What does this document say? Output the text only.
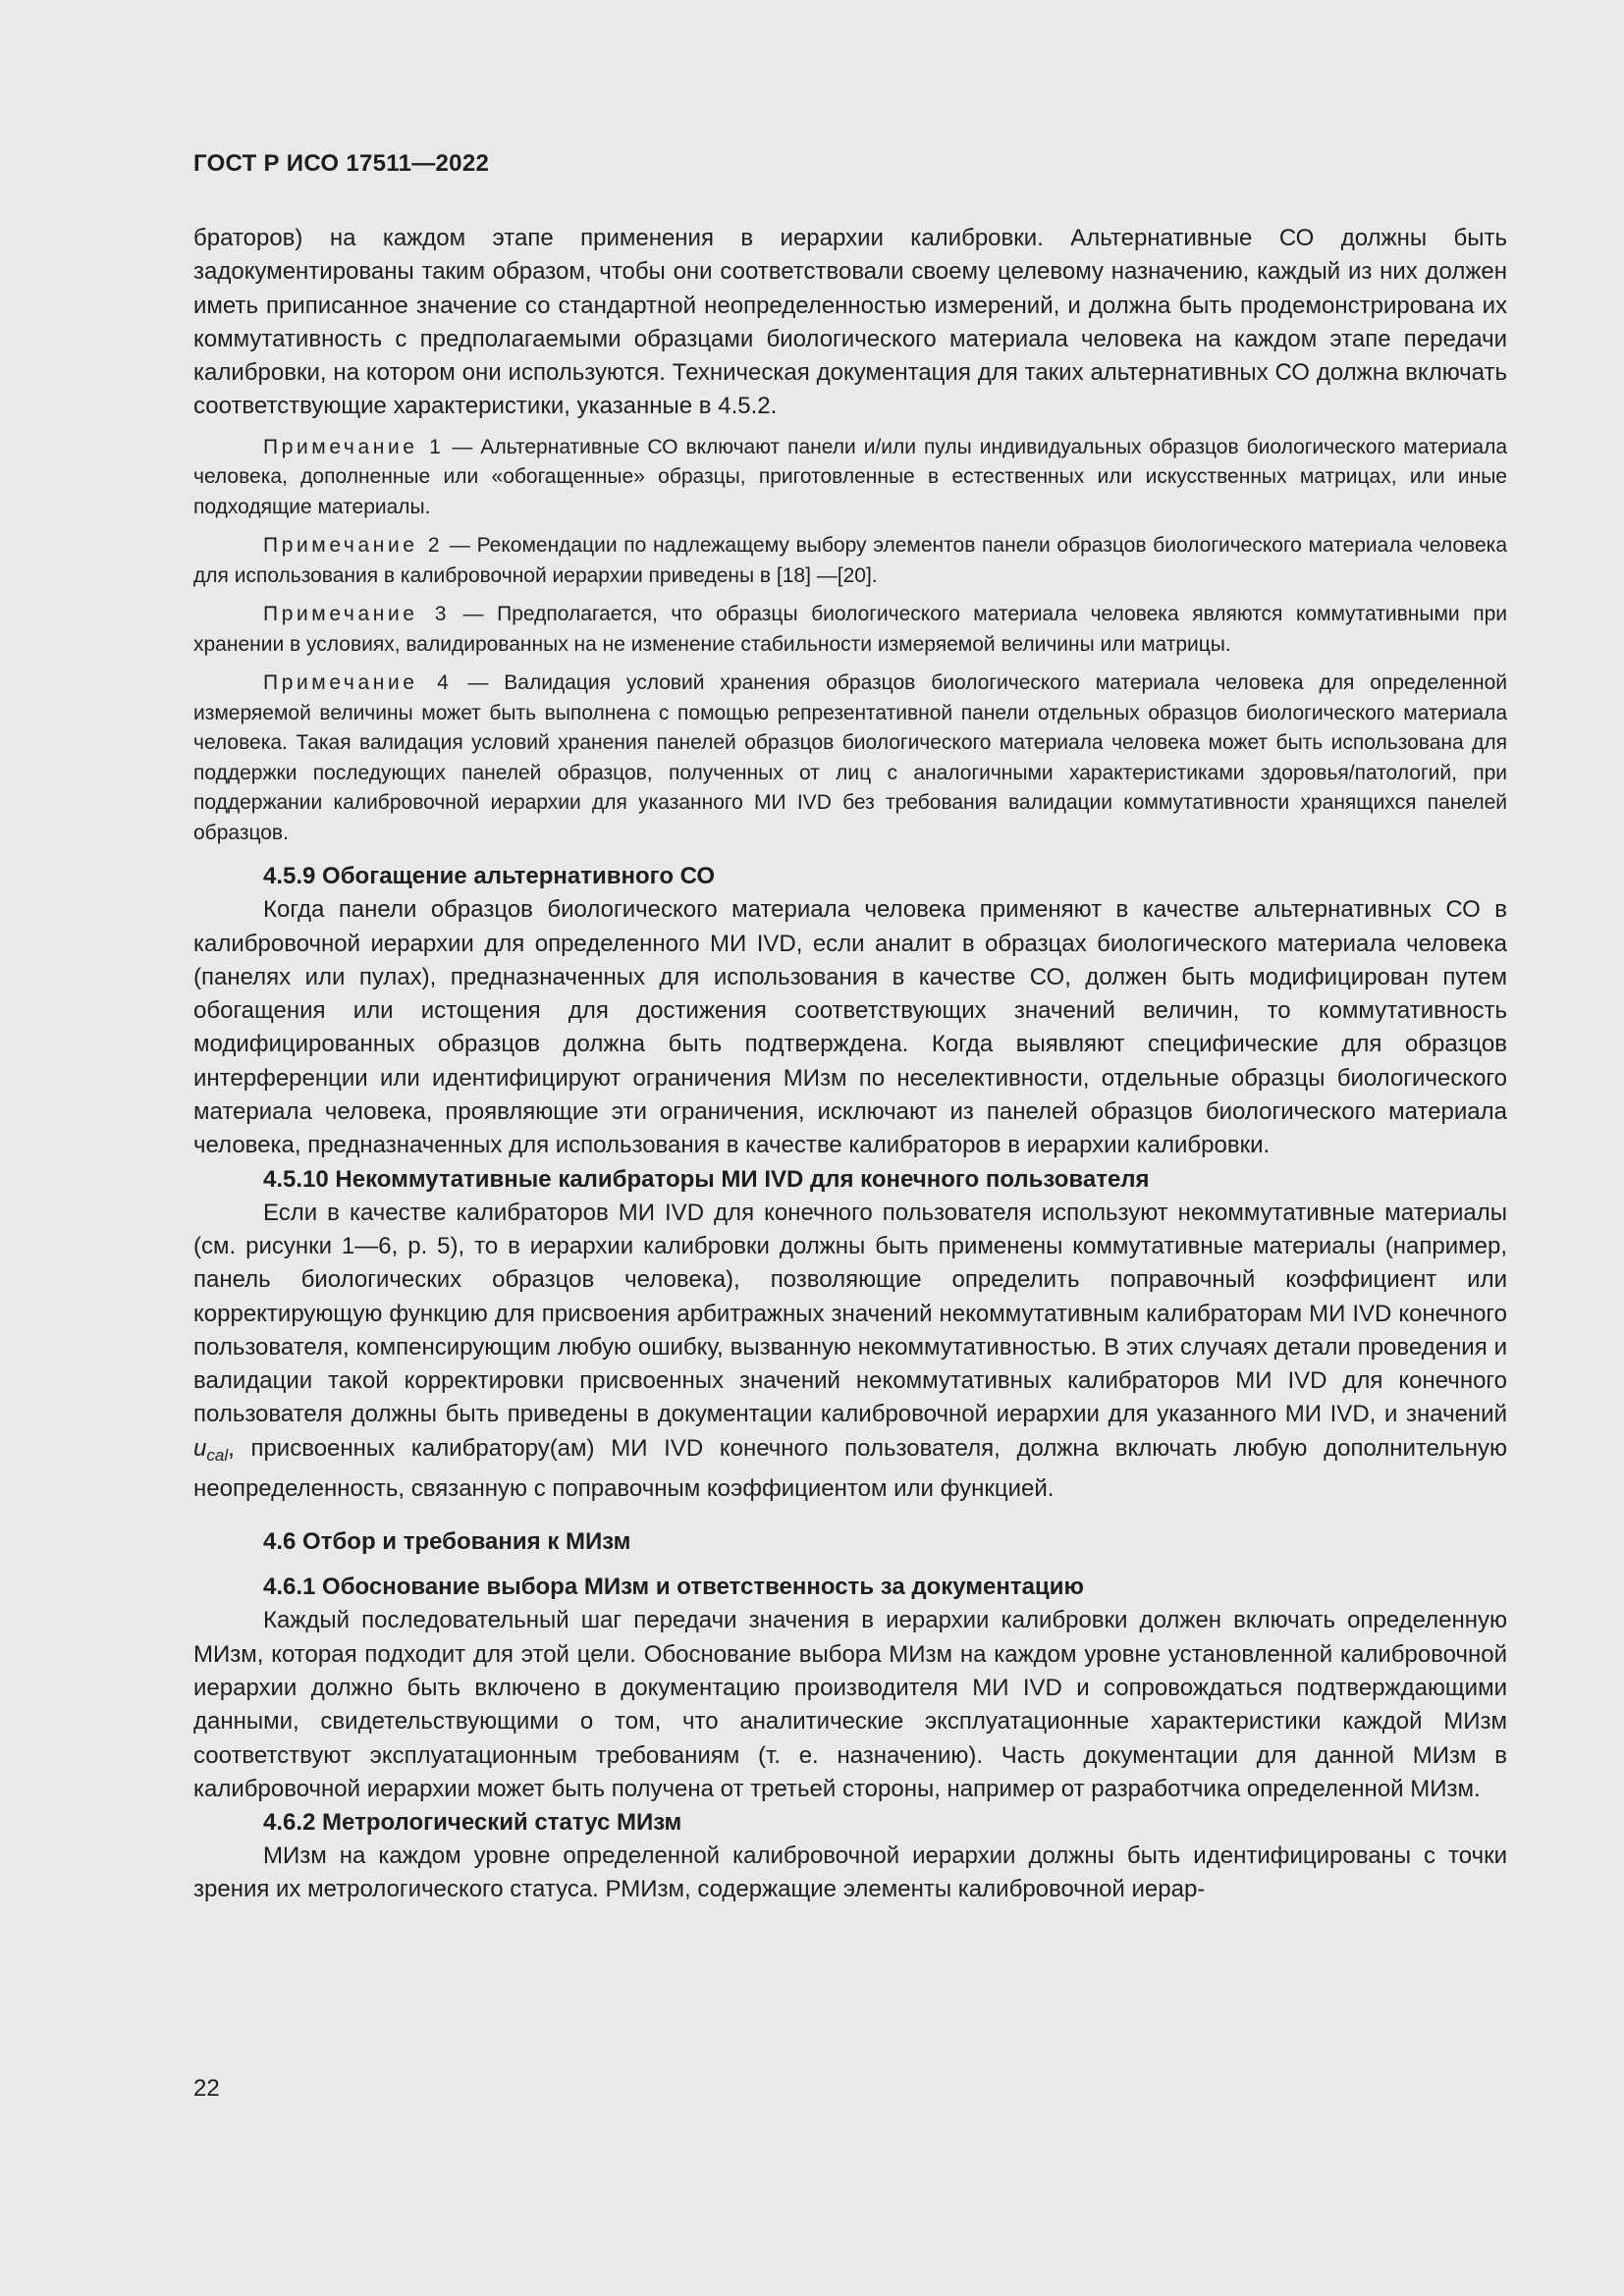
ГОСТ Р ИСО 17511—2022

браторов) на каждом этапе применения в иерархии калибровки. Альтернативные СО должны быть задокументированы таким образом, чтобы они соответствовали своему целевому назначению, каждый из них должен иметь приписанное значение со стандартной неопределенностью измерений, и должна быть продемонстрирована их коммутативность с предполагаемыми образцами биологического материала человека на каждом этапе передачи калибровки, на котором они используются. Техническая документация для таких альтернативных СО должна включать соответствующие характеристики, указанные в 4.5.2.

Примечание 1 — Альтернативные СО включают панели и/или пулы индивидуальных образцов биологического материала человека, дополненные или «обогащенные» образцы, приготовленные в естественных или искусственных матрицах, или иные подходящие материалы.

Примечание 2 — Рекомендации по надлежащему выбору элементов панели образцов биологического материала человека для использования в калибровочной иерархии приведены в [18] —[20].

Примечание 3 — Предполагается, что образцы биологического материала человека являются коммутативными при хранении в условиях, валидированных на не изменение стабильности измеряемой величины или матрицы.

Примечание 4 — Валидация условий хранения образцов биологического материала человека для определенной измеряемой величины может быть выполнена с помощью репрезентативной панели отдельных образцов биологического материала человека. Такая валидация условий хранения панелей образцов биологического материала человека может быть использована для поддержки последующих панелей образцов, полученных от лиц с аналогичными характеристиками здоровья/патологий, при поддержании калибровочной иерархии для указанного МИ IVD без требования валидации коммутативности хранящихся панелей образцов.

4.5.9 Обогащение альтернативного СО

Когда панели образцов биологического материала человека применяют в качестве альтернативных СО в калибровочной иерархии для определенного МИ IVD, если аналит в образцах биологического материала человека (панелях или пулах), предназначенных для использования в качестве СО, должен быть модифицирован путем обогащения или истощения для достижения соответствующих значений величин, то коммутативность модифицированных образцов должна быть подтверждена. Когда выявляют специфические для образцов интерференции или идентифицируют ограничения МИзм по неселективности, отдельные образцы биологического материала человека, проявляющие эти ограничения, исключают из панелей образцов биологического материала человека, предназначенных для использования в качестве калибраторов в иерархии калибровки.

4.5.10 Некоммутативные калибраторы МИ IVD для конечного пользователя

Если в качестве калибраторов МИ IVD для конечного пользователя используют некоммутативные материалы (см. рисунки 1—6, р. 5), то в иерархии калибровки должны быть применены коммутативные материалы (например, панель биологических образцов человека), позволяющие определить поправочный коэффициент или корректирующую функцию для присвоения арбитражных значений некоммутативным калибраторам МИ IVD конечного пользователя, компенсирующим любую ошибку, вызванную некоммутативностью. В этих случаях детали проведения и валидации такой корректировки присвоенных значений некоммутативных калибраторов МИ IVD для конечного пользователя должны быть приведены в документации калибровочной иерархии для указанного МИ IVD, и значений $u_{cal}$, присвоенных калибратору(ам) МИ IVD конечного пользователя, должна включать любую дополнительную неопределенность, связанную с поправочным коэффициентом или функцией.

4.6 Отбор и требования к МИзм
4.6.1 Обоснование выбора МИзм и ответственность за документацию

Каждый последовательный шаг передачи значения в иерархии калибровки должен включать определенную МИзм, которая подходит для этой цели. Обоснование выбора МИзм на каждом уровне установленной калибровочной иерархии должно быть включено в документацию производителя МИ IVD и сопровождаться подтверждающими данными, свидетельствующими о том, что аналитические эксплуатационные характеристики каждой МИзм соответствуют эксплуатационным требованиям (т. е. назначению). Часть документации для данной МИзм в калибровочной иерархии может быть получена от третьей стороны, например от разработчика определенной МИзм.

4.6.2 Метрологический статус МИзм

МИзм на каждом уровне определенной калибровочной иерархии должны быть идентифицированы с точки зрения их метрологического статуса. РМИзм, содержащие элементы калибровочной иерар-

22
